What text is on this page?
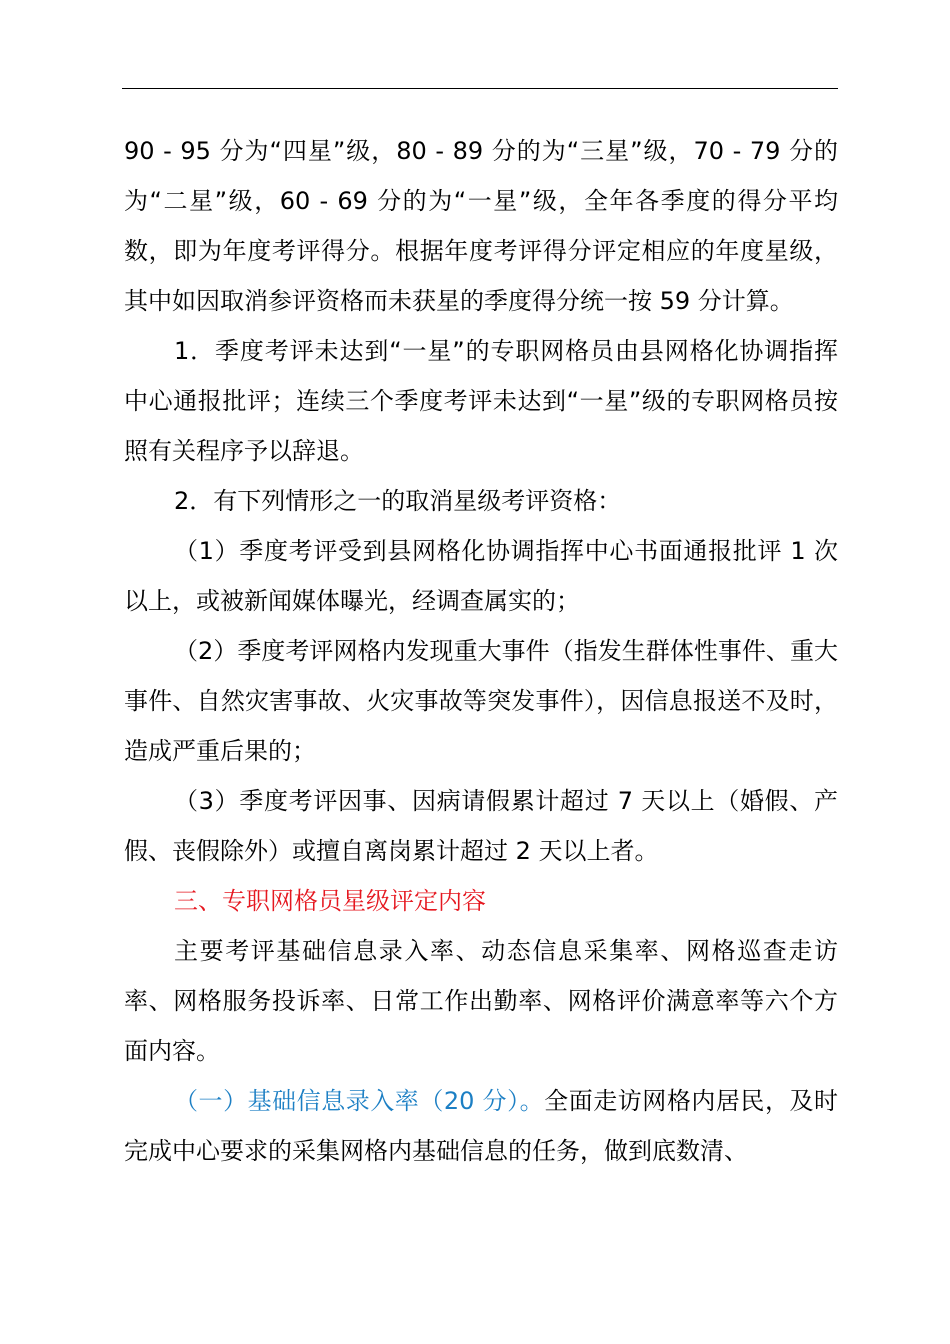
90 - 95 分为“四星”级，80 - 89 分的为“三星”级，70 - 79 分的为“二星”级，60 - 69 分的为“一星”级，全年各季度的得分平均数，即为年度考评得分。根据年度考评得分评定相应的年度星级，其中如因取消参评资格而未获星的季度得分统一按 59 分计算。

1．季度考评未达到“一星”的专职网格员由县网格化协调指挥中心通报批评；连续三个季度考评未达到“一星”级的专职网格员按照有关程序予以辞退。

2．有下列情形之一的取消星级考评资格：

（1）季度考评受到县网格化协调指挥中心书面通报批评 1 次以上，或被新闻媒体曝光，经调查属实的；

（2）季度考评网格内发现重大事件（指发生群体性事件、重大事件、自然灾害事故、火灾事故等突发事件），因信息报送不及时，造成严重后果的；

（3）季度考评因事、因病请假累计超过 7 天以上（婚假、产假、丧假除外）或擅自离岗累计超过 2 天以上者。

三、专职网格员星级评定内容

主要考评基础信息录入率、动态信息采集率、网格巡查走访率、网格服务投诉率、日常工作出勤率、网格评价满意率等六个方面内容。

（一）基础信息录入率（20 分）。全面走访网格内居民，及时完成中心要求的采集网格内基础信息的任务，做到底数清、
